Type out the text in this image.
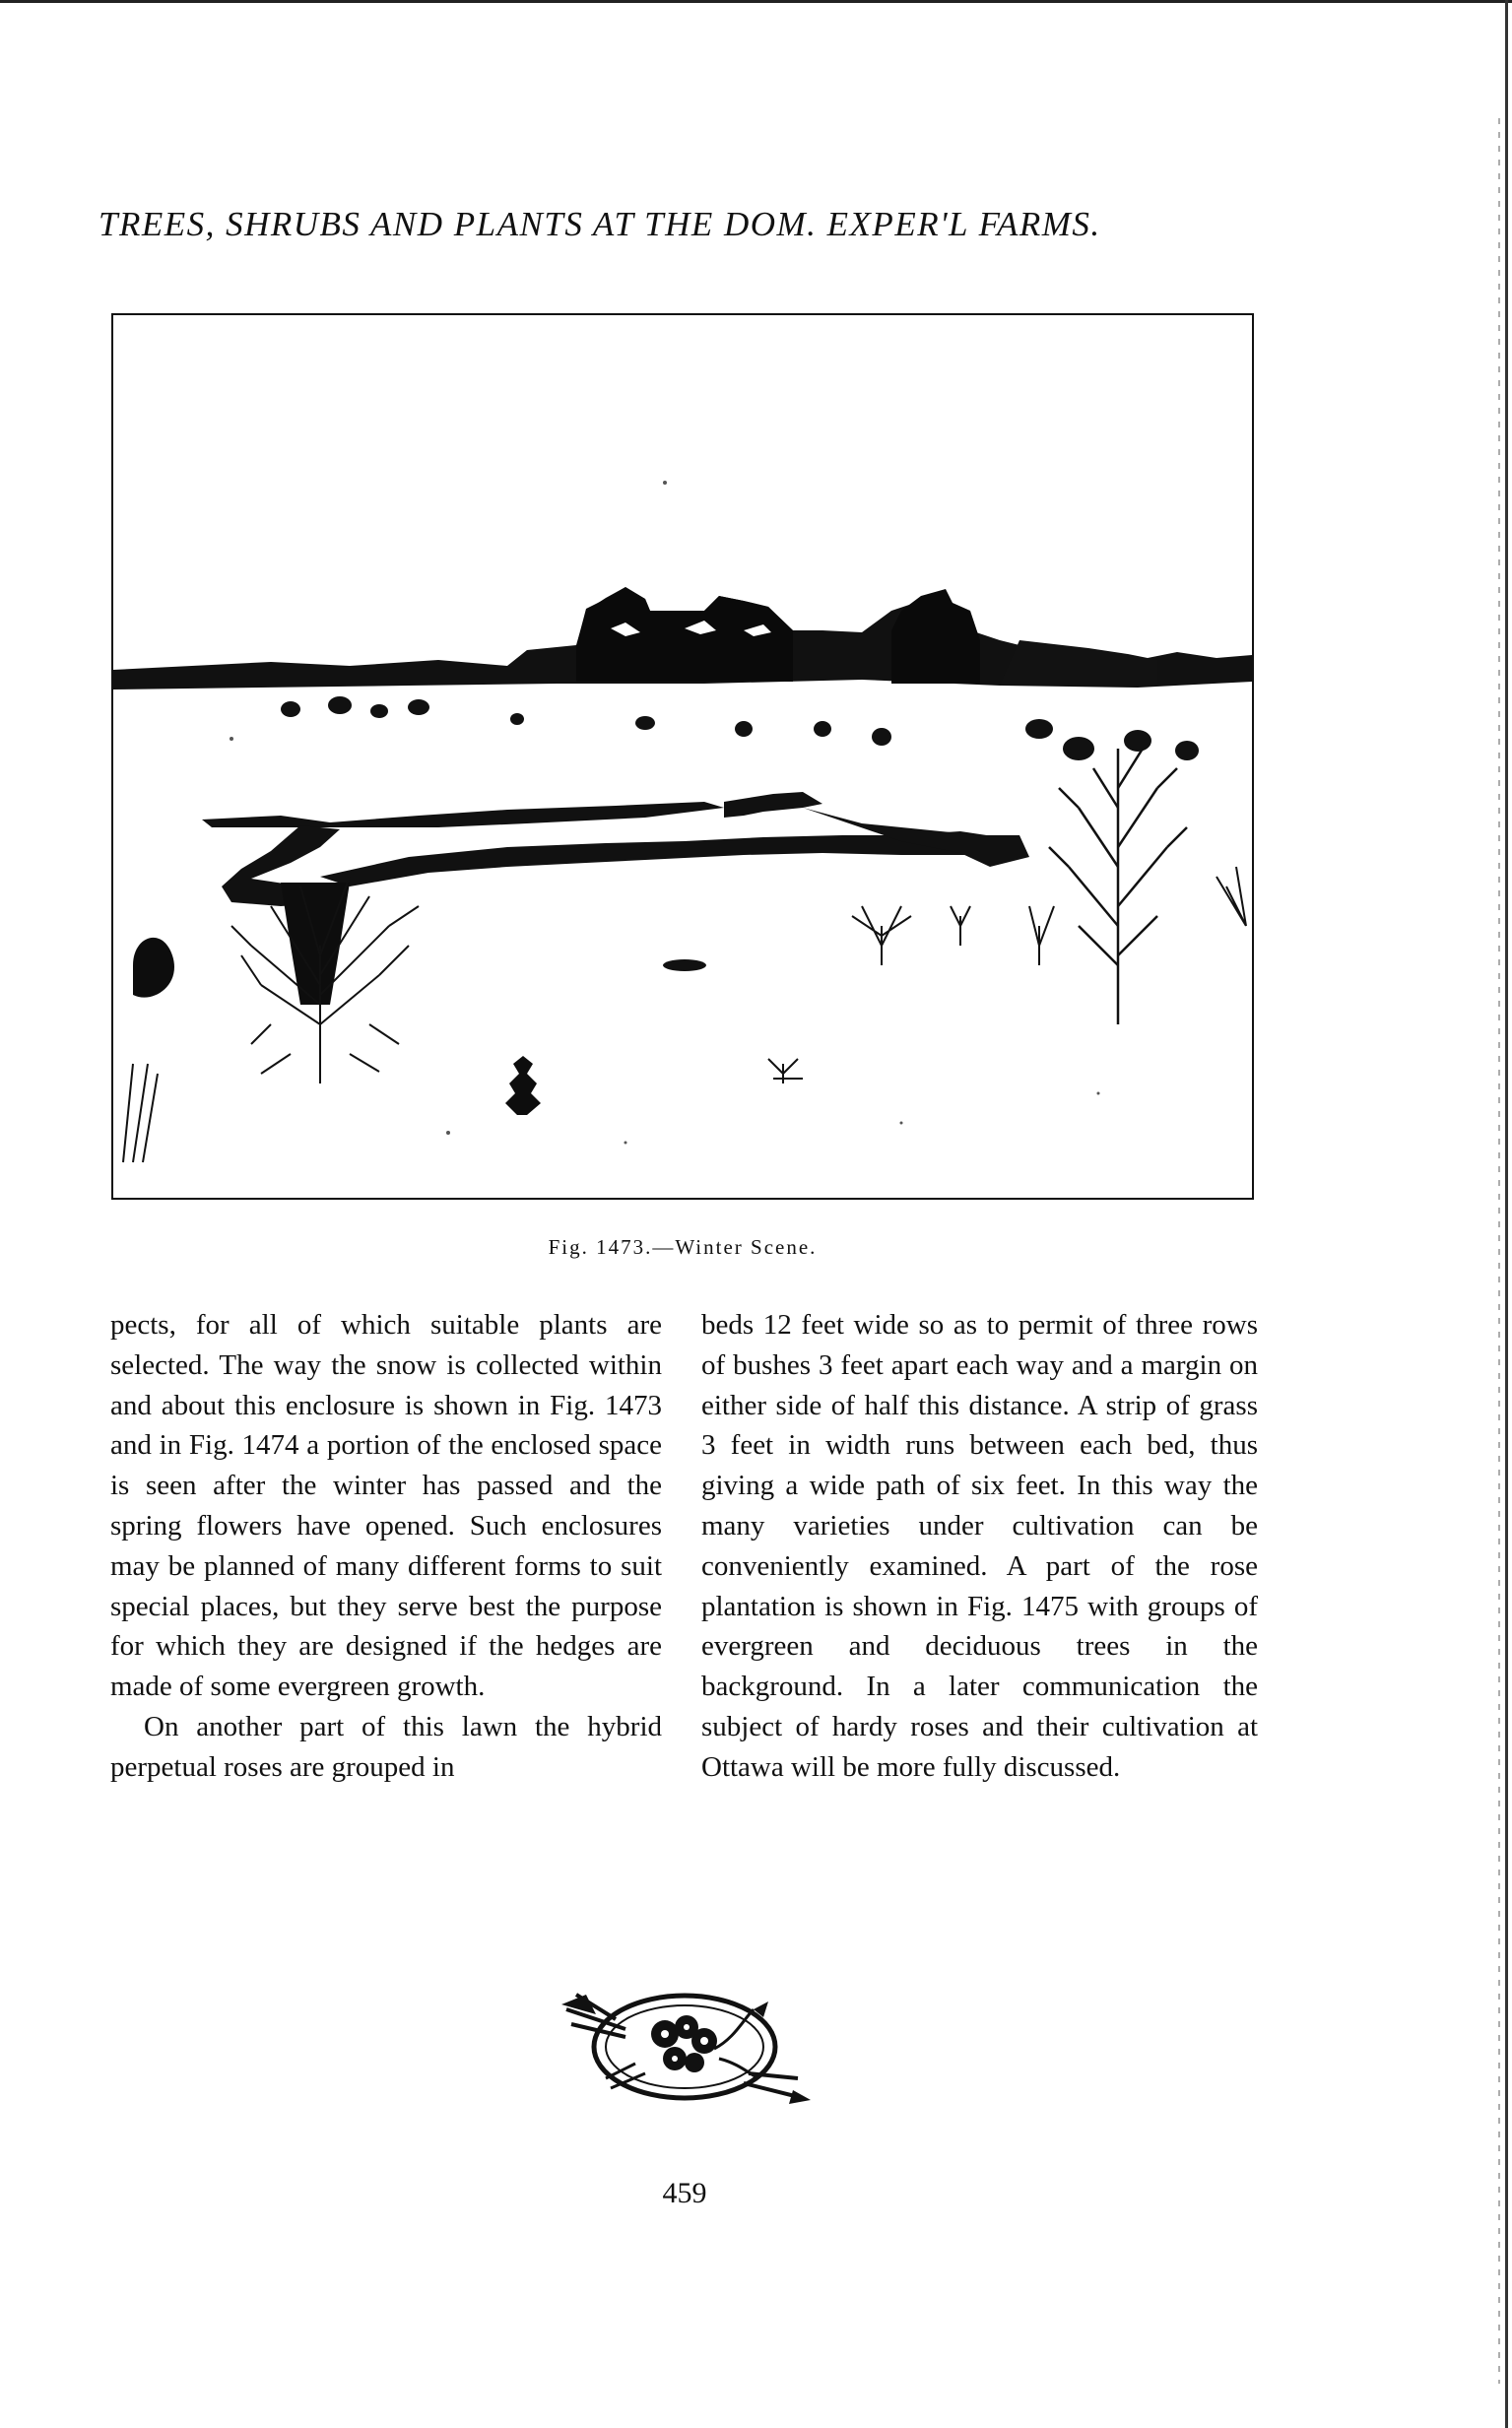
TREES, SHRUBS AND PLANTS AT THE DOM. EXPER'L FARMS.
Fig. 1473.—Winter Scene.

pects, for all of which suitable plants are selected. The way the snow is collected within and about this enclosure is shown in Fig. 1473 and in Fig. 1474 a portion of the enclosed space is seen after the winter has passed and the spring flowers have opened. Such enclosures may be planned of many different forms to suit special places, but they serve best the purpose for which they are designed if the hedges are made of some evergreen growth.

On another part of this lawn the hybrid perpetual roses are grouped in

beds 12 feet wide so as to permit of three rows of bushes 3 feet apart each way and a margin on either side of half this distance. A strip of grass 3 feet in width runs between each bed, thus giving a wide path of six feet. In this way the many varieties under cultivation can be conveniently examined. A part of the rose plantation is shown in Fig. 1475 with groups of evergreen and deciduous trees in the background. In a later communication the subject of hardy roses and their cultivation at Ottawa will be more fully discussed.

459
